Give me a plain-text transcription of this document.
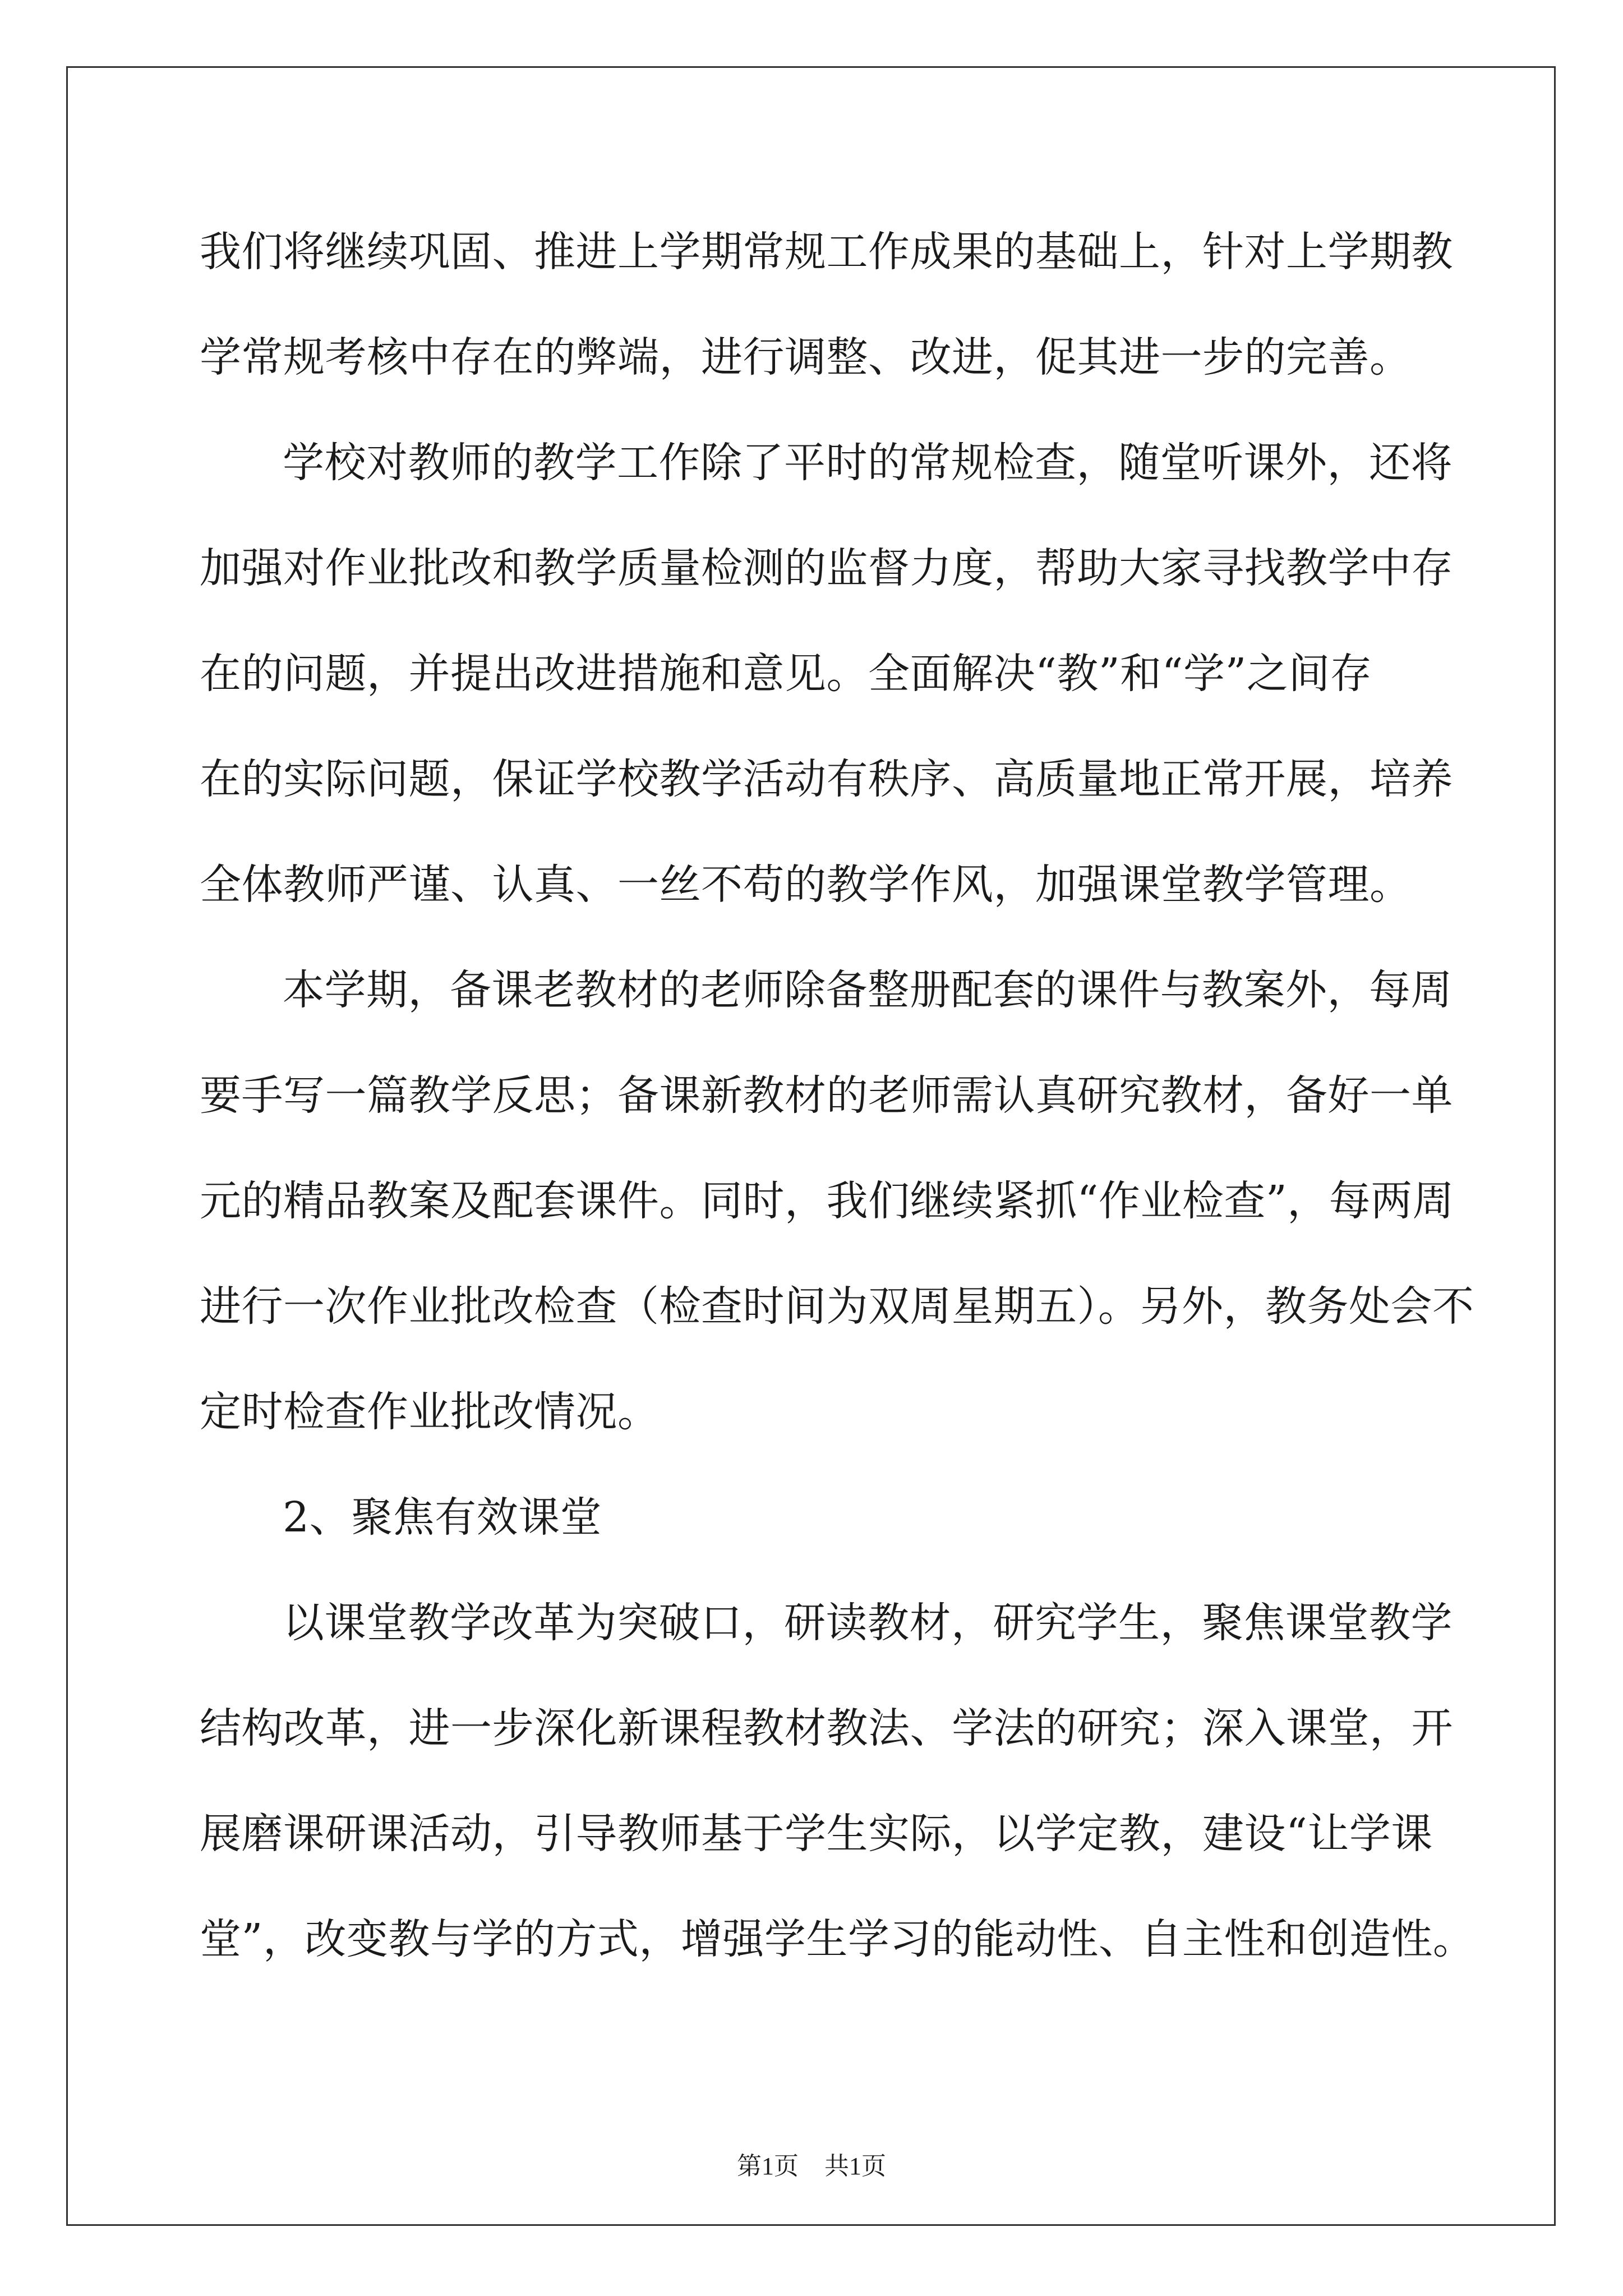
我们将继续巩固、推进上学期常规工作成果的基础上，针对上学期教
学常规考核中存在的弊端，进行调整、改进，促其进一步的完善。
学校对教师的教学工作除了平时的常规检查，随堂听课外，还将
加强对作业批改和教学质量检测的监督力度，帮助大家寻找教学中存
在的问题，并提出改进措施和意见。全面解决“教”和“学”之间存
在的实际问题，保证学校教学活动有秩序、高质量地正常开展，培养
全体教师严谨、认真、一丝不苟的教学作风，加强课堂教学管理。
本学期，备课老教材的老师除备整册配套的课件与教案外，每周
要手写一篇教学反思；备课新教材的老师需认真研究教材，备好一单
元的精品教案及配套课件。同时，我们继续紧抓“作业检查”，每两周
进行一次作业批改检查（检查时间为双周星期五）。另外，教务处会不
定时检查作业批改情况。
2、聚焦有效课堂
以课堂教学改革为突破口，研读教材，研究学生，聚焦课堂教学
结构改革，进一步深化新课程教材教法、学法的研究；深入课堂，开
展磨课研课活动，引导教师基于学生实际，以学定教，建设“让学课
堂”，改变教与学的方式，增强学生学习的能动性、自主性和创造性。
第1页 共1页
